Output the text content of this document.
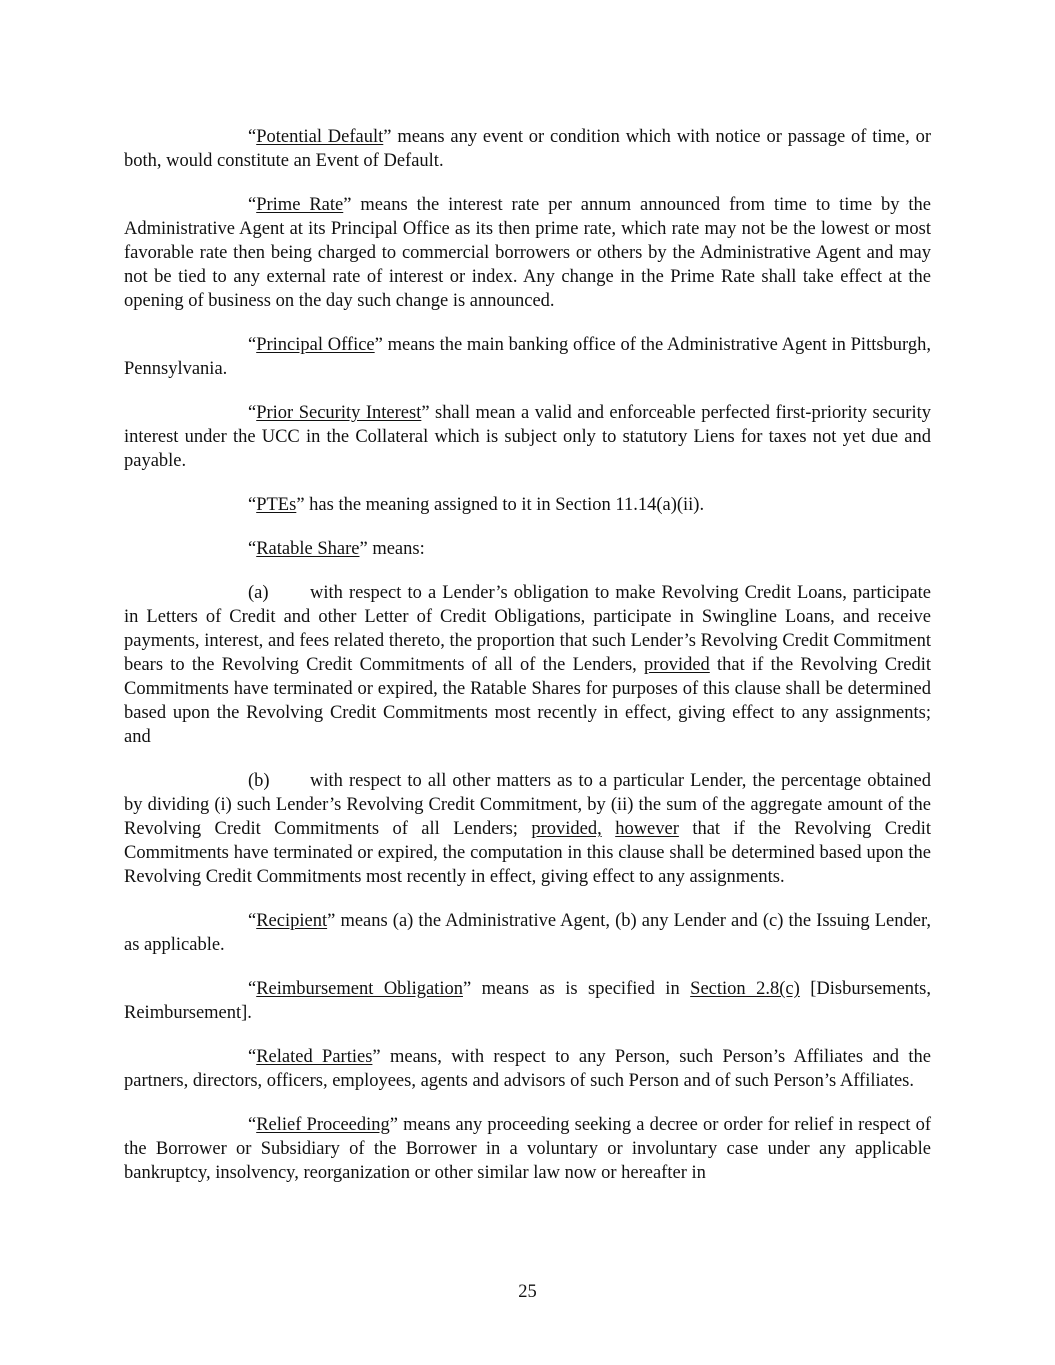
“Potential Default” means any event or condition which with notice or passage of time, or both, would constitute an Event of Default.

“Prime Rate” means the interest rate per annum announced from time to time by the Administrative Agent at its Principal Office as its then prime rate, which rate may not be the lowest or most favorable rate then being charged to commercial borrowers or others by the Administrative Agent and may not be tied to any external rate of interest or index. Any change in the Prime Rate shall take effect at the opening of business on the day such change is announced.

“Principal Office” means the main banking office of the Administrative Agent in Pittsburgh, Pennsylvania.

“Prior Security Interest” shall mean a valid and enforceable perfected first-priority security interest under the UCC in the Collateral which is subject only to statutory Liens for taxes not yet due and payable.

“PTEs” has the meaning assigned to it in Section 11.14(a)(ii).

“Ratable Share” means:

(a) with respect to a Lender’s obligation to make Revolving Credit Loans, participate in Letters of Credit and other Letter of Credit Obligations, participate in Swingline Loans, and receive payments, interest, and fees related thereto, the proportion that such Lender’s Revolving Credit Commitment bears to the Revolving Credit Commitments of all of the Lenders, provided that if the Revolving Credit Commitments have terminated or expired, the Ratable Shares for purposes of this clause shall be determined based upon the Revolving Credit Commitments most recently in effect, giving effect to any assignments; and

(b) with respect to all other matters as to a particular Lender, the percentage obtained by dividing (i) such Lender’s Revolving Credit Commitment, by (ii) the sum of the aggregate amount of the Revolving Credit Commitments of all Lenders; provided, however that if the Revolving Credit Commitments have terminated or expired, the computation in this clause shall be determined based upon the Revolving Credit Commitments most recently in effect, giving effect to any assignments.

“Recipient” means (a) the Administrative Agent, (b) any Lender and (c) the Issuing Lender, as applicable.

“Reimbursement Obligation” means as is specified in Section 2.8(c) [Disbursements, Reimbursement].

“Related Parties” means, with respect to any Person, such Person’s Affiliates and the partners, directors, officers, employees, agents and advisors of such Person and of such Person’s Affiliates.

“Relief Proceeding” means any proceeding seeking a decree or order for relief in respect of the Borrower or Subsidiary of the Borrower in a voluntary or involuntary case under any applicable bankruptcy, insolvency, reorganization or other similar law now or hereafter in

25
